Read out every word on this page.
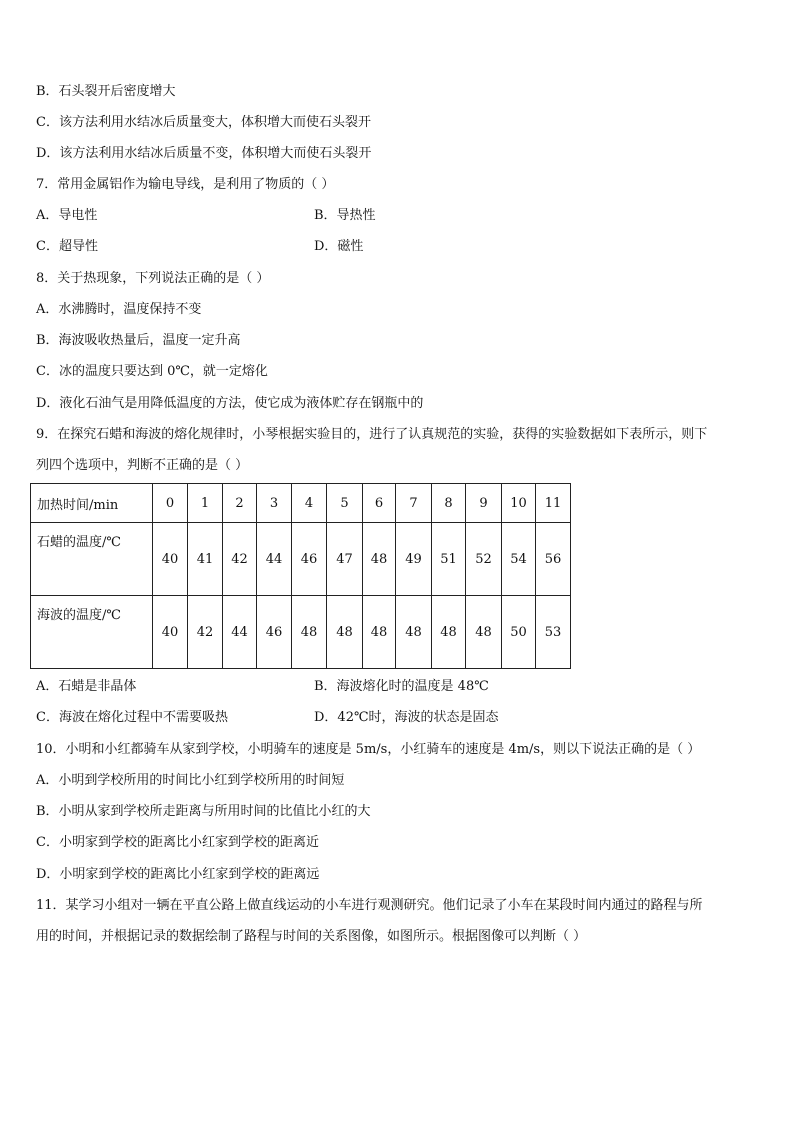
B．石头裂开后密度增大
C．该方法利用水结冰后质量变大，体积增大而使石头裂开
D．该方法利用水结冰后质量不变，体积增大而使石头裂开
7．常用金属铝作为输电导线，是利用了物质的（ ）
A．导电性	B．导热性
C．超导性	D．磁性
8．关于热现象，下列说法正确的是（ ）
A．水沸腾时，温度保持不变
B．海波吸收热量后，温度一定升高
C．冰的温度只要达到 0℃，就一定熔化
D．液化石油气是用降低温度的方法，使它成为液体贮存在钢瓶中的
9．在探究石蜡和海波的熔化规律时，小琴根据实验目的，进行了认真规范的实验，获得的实验数据如下表所示，则下
列四个选项中，判断不正确的是（ ）
加热时间/min	0	1	2	3	4	5	6	7	8	9	10	11
石蜡的温度/℃	40	41	42	44	46	47	48	49	51	52	54	56
海波的温度/℃	40	42	44	46	48	48	48	48	48	48	50	53
A．石蜡是非晶体	B．海波熔化时的温度是 48℃
C．海波在熔化过程中不需要吸热	D．42℃时，海波的状态是固态
10．小明和小红都骑车从家到学校，小明骑车的速度是 5m/s，小红骑车的速度是 4m/s，则以下说法正确的是（ ）
A．小明到学校所用的时间比小红到学校所用的时间短
B．小明从家到学校所走距离与所用时间的比值比小红的大
C．小明家到学校的距离比小红家到学校的距离近
D．小明家到学校的距离比小红家到学校的距离远
11．某学习小组对一辆在平直公路上做直线运动的小车进行观测研究。他们记录了小车在某段时间内通过的路程与所
用的时间，并根据记录的数据绘制了路程与时间的关系图像，如图所示。根据图像可以判断（ ）
